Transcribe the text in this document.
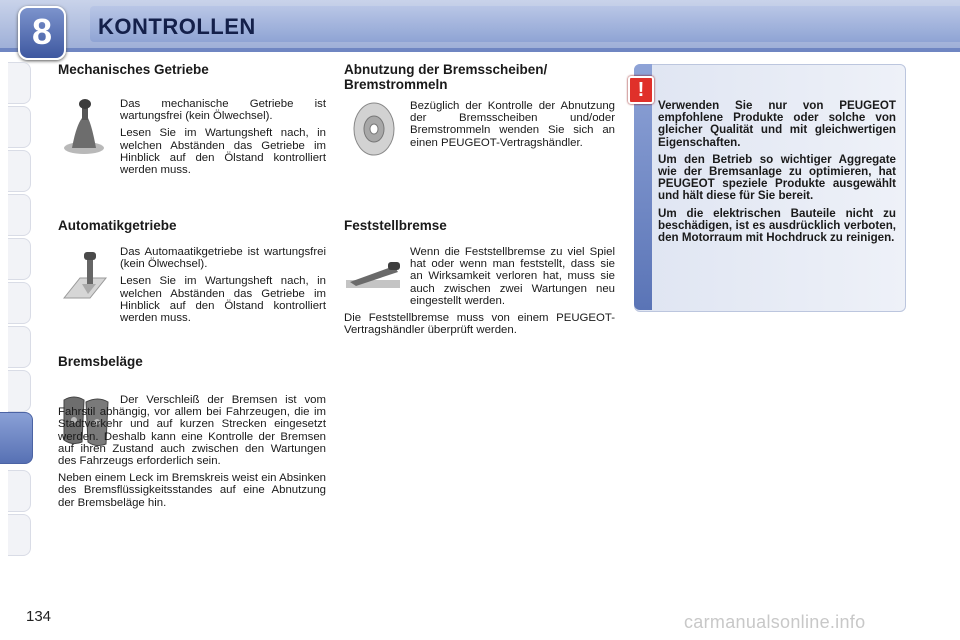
8	KONTROLLEN
Mechanisches Getriebe

Das mechanische Getriebe ist wartungsfrei (kein Ölwechsel).

Lesen Sie im Wartungsheft nach, in welchen Abständen das Getriebe im Hinblick auf den Ölstand kontrolliert werden muss.

Automatikgetriebe

Das Automaatikgetriebe ist wartungsfrei (kein Ölwechsel).

Lesen Sie im Wartungsheft nach, in welchen Abständen das Getriebe im Hinblick auf den Ölstand kontrolliert werden muss.

Bremsbeläge

Der Verschleiß der Bremsen ist vom Fahrstil abhängig, vor allem bei Fahrzeugen, die im Stadtverkehr und auf kurzen Strecken eingesetzt werden. Deshalb kann eine Kontrolle der Bremsen auf ihren Zustand auch zwischen den Wartungen des Fahrzeugs erforderlich sein.

Neben einem Leck im Bremskreis weist ein Absinken des Bremsflüssigkeitsstandes auf eine Abnutzung der Bremsbeläge hin.

Abnutzung der Bremsscheiben/
Bremstrommeln

Bezüglich der Kontrolle der Abnutzung der Bremsscheiben und/oder Bremstrommeln wenden Sie sich an einen PEUGEOT-Vertragshändler.

Feststellbremse

Wenn die Feststellbremse zu viel Spiel hat oder wenn man feststellt, dass sie an Wirksamkeit verloren hat, muss sie auch zwischen zwei Wartungen neu eingestellt werden.

Die Feststellbremse muss von einem PEUGEOT-Vertragshändler überprüft werden.

!

Verwenden Sie nur von PEUGEOT empfohlene Produkte oder solche von gleicher Qualität und mit gleichwertigen Eigenschaften.

Um den Betrieb so wichtiger Aggregate wie der Bremsanlage zu optimieren, hat PEUGEOT speziele Produkte ausgewählt und hält diese für Sie bereit.

Um die elektrischen Bauteile nicht zu beschädigen, ist es ausdrücklich verboten, den Motorraum mit Hochdruck zu reinigen.

134	carmanualsonline.info
